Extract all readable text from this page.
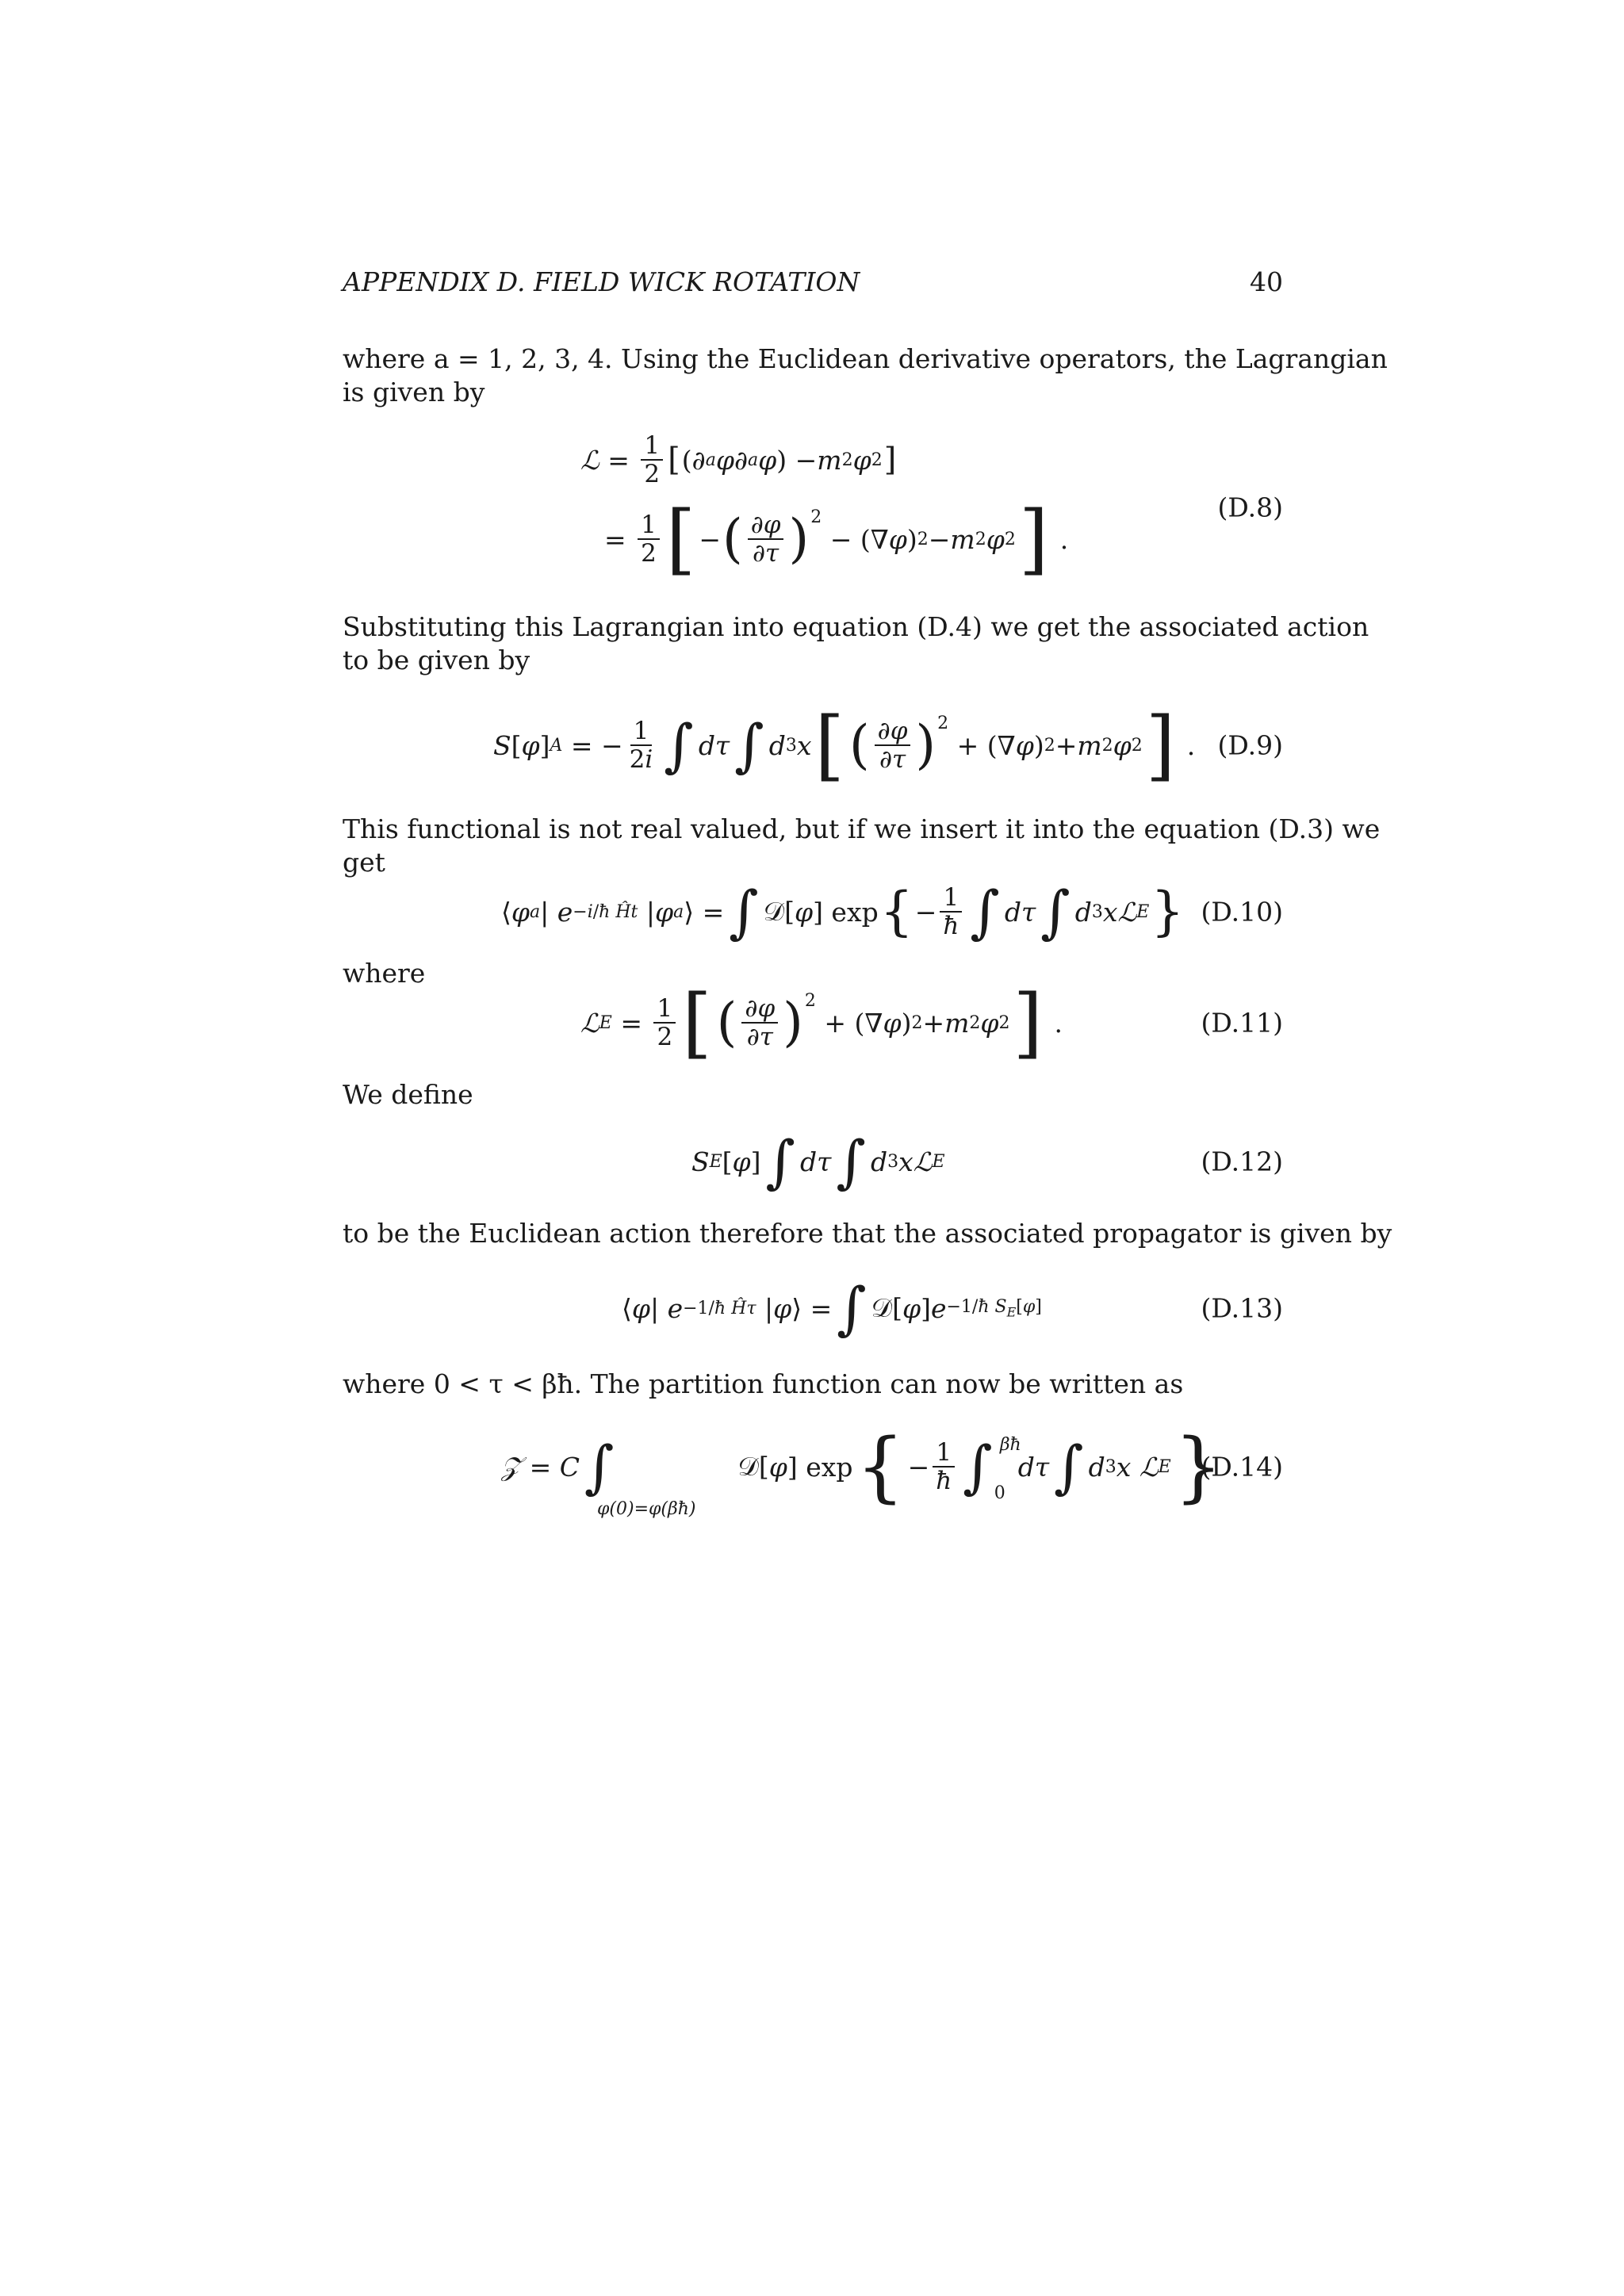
APPENDIX D. FIELD WICK ROTATION	40
where a = 1, 2, 3, 4. Using the Euclidean derivative operators, the Lagrangian
is given by
ℒ = $\frac{1}{2}$ [ (∂ a φ ∂ a φ ) − m 2 φ 2 ]
= $\frac{1}{2}$ [ − ( $\frac{\partial\varphi}{\partial\tau} )^2$
− (∇ φ ) 2 − m 2 φ 2 ] .
(D.8)
Substituting this Lagrangian into equation (D.4) we get the associated action
to be given by
S [ φ ] A = − $\frac{1}{2i}$ ∫ dτ ∫ d 3 x [ ( $\frac{\partial\varphi}{\partial\tau} )^2$
+ (∇ φ ) 2 + m 2 φ 2 ] . (D.9)
This functional is not real valued, but if we insert it into the equation (D.3) we
get
⟨ φ a | e −i/ħ Ĥt | φ a ⟩ = ∫ 𝒟[ φ ] exp { − $\frac{1}{ħ}$ ∫ dτ ∫ d 3 x ℒ E } (D.10)
where
ℒ $E = \frac{1}{2}$ [ ( $\frac{\partial\varphi}{\partial\tau} )^2$
+ (∇ φ ) 2 + m 2 φ 2 ] .	(D.11)
We define
S E [ φ ] ∫ dτ ∫ d 3 x ℒ E	(D.12)
to be the Euclidean action therefore that the associated propagator is given by
⟨ φ | e −1/ħ Ĥτ | φ ⟩ = ∫ 𝒟[ φ ] e −1/ħ $S_E[\varphi]$	(D.13)
where 0 < τ < βħ. The partition function can now be written as
𝒵 = C ∫
φ(0)=φ(βħ)
𝒟[ φ ] exp { − $\frac{1}{ħ}$ ∫ βħ
0
dτ ∫ d 3 x
ℒ E }
(D.14)
